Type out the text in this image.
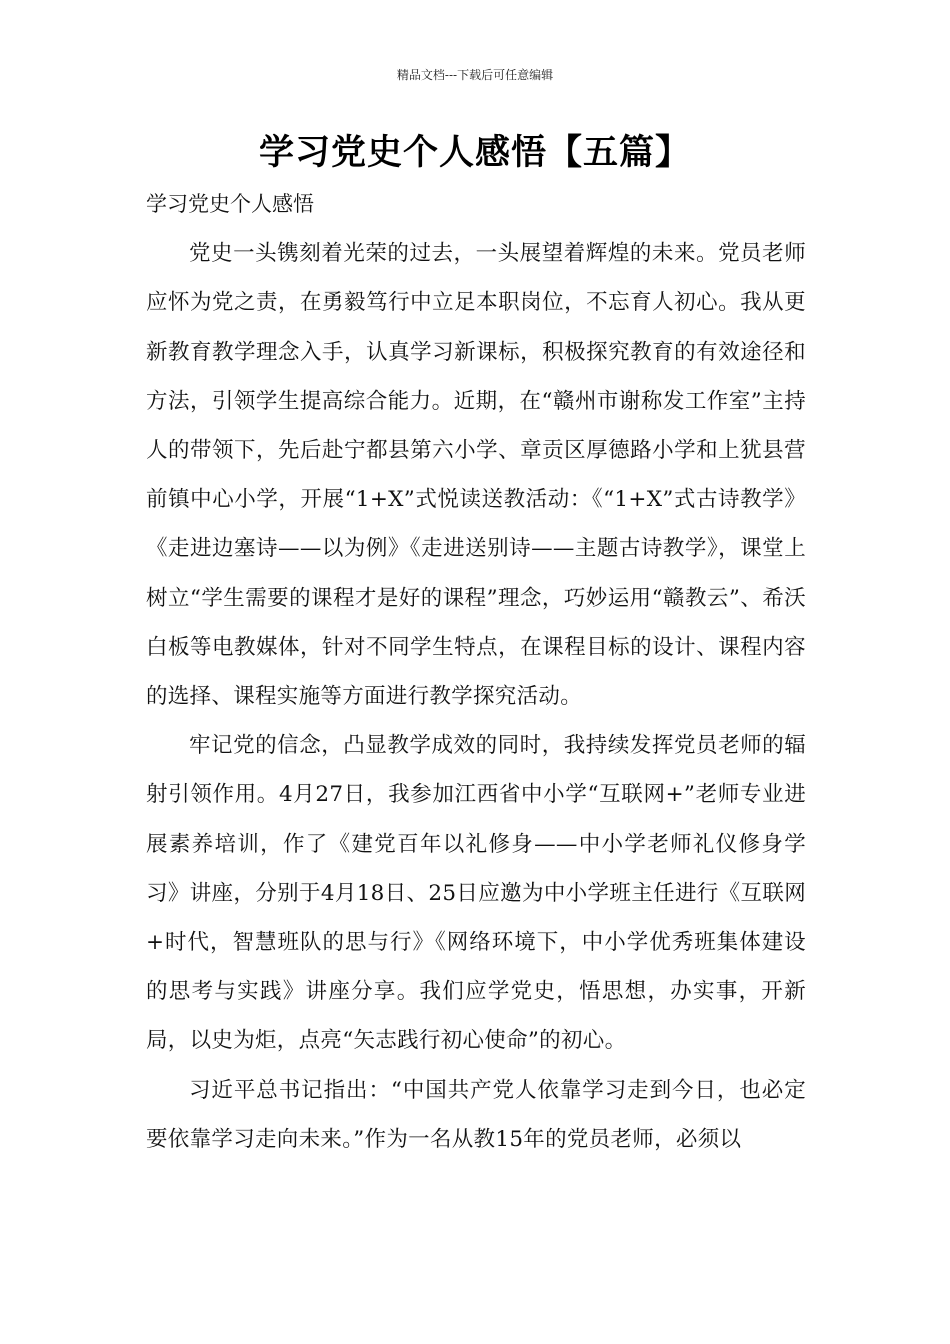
精品文档---下载后可任意编辑
学习党史个人感悟【五篇】

学习党史个人感悟

党史一头镌刻着光荣的过去，一头展望着辉煌的未来。党员老师应怀为党之责，在勇毅笃行中立足本职岗位，不忘育人初心。我从更新教育教学理念入手，认真学习新课标，积极探究教育的有效途径和方法，引领学生提高综合能力。近期，在“赣州市谢称发工作室”主持人的带领下，先后赴宁都县第六小学、章贡区厚德路小学和上犹县营前镇中心小学，开展“1+X”式悦读送教活动：《“1+X”式古诗教学》《走进边塞诗——以为例》《走进送别诗——主题古诗教学》，课堂上树立“学生需要的课程才是好的课程”理念，巧妙运用“赣教云”、希沃白板等电教媒体，针对不同学生特点，在课程目标的设计、课程内容的选择、课程实施等方面进行教学探究活动。

牢记党的信念，凸显教学成效的同时，我持续发挥党员老师的辐射引领作用。4月27日，我参加江西省中小学“互联网+”老师专业进展素养培训，作了《建党百年以礼修身——中小学老师礼仪修身学习》讲座，分别于4月18日、25日应邀为中小学班主任进行《互联网+时代，智慧班队的思与行》《网络环境下，中小学优秀班集体建设的思考与实践》讲座分享。我们应学党史，悟思想，办实事，开新局，以史为炬，点亮“矢志践行初心使命”的初心。

习近平总书记指出：“中国共产党人依靠学习走到今日，也必定要依靠学习走向未来。”作为一名从教15年的党员老师，必须以
